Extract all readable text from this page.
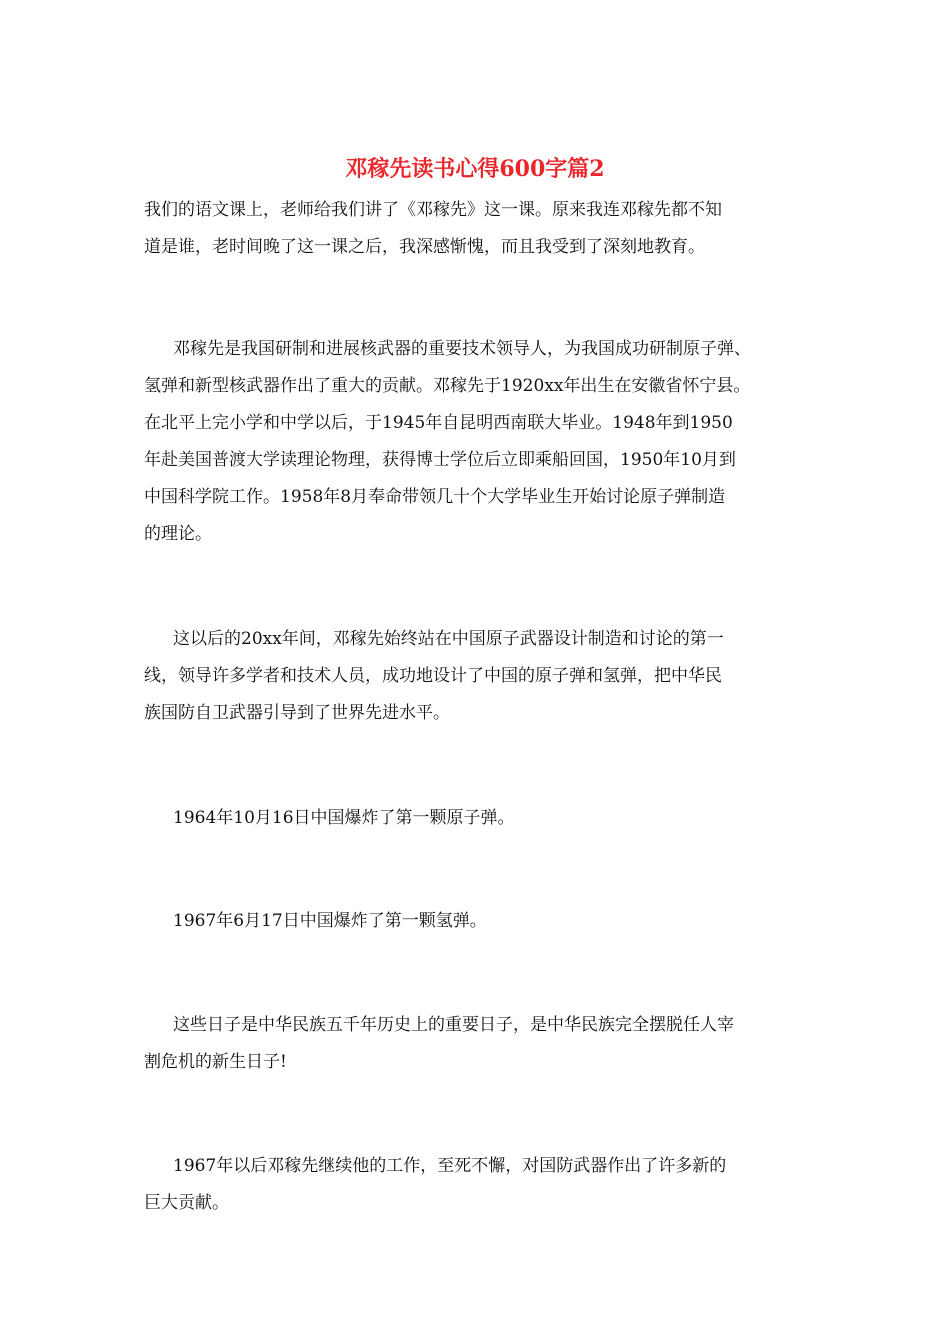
邓稼先读书心得600字篇2

我们的语文课上，老师给我们讲了《邓稼先》这一课。原来我连邓稼先都不知
道是谁，老时间晚了这一课之后，我深感惭愧，而且我受到了深刻地教育。

邓稼先是我国研制和进展核武器的重要技术领导人，为我国成功研制原子弹、
氢弹和新型核武器作出了重大的贡献。邓稼先于1920xx年出生在安徽省怀宁县。
在北平上完小学和中学以后，于1945年自昆明西南联大毕业。1948年到1950
年赴美国普渡大学读理论物理，获得博士学位后立即乘船回国，1950年10月到
中国科学院工作。1958年8月奉命带领几十个大学毕业生开始讨论原子弹制造
的理论。

这以后的20xx年间，邓稼先始终站在中国原子武器设计制造和讨论的第一
线，领导许多学者和技术人员，成功地设计了中国的原子弹和氢弹，把中华民
族国防自卫武器引导到了世界先进水平。

1964年10月16日中国爆炸了第一颗原子弹。

1967年6月17日中国爆炸了第一颗氢弹。

这些日子是中华民族五千年历史上的重要日子，是中华民族完全摆脱任人宰
割危机的新生日子!

1967年以后邓稼先继续他的工作，至死不懈，对国防武器作出了许多新的
巨大贡献。
